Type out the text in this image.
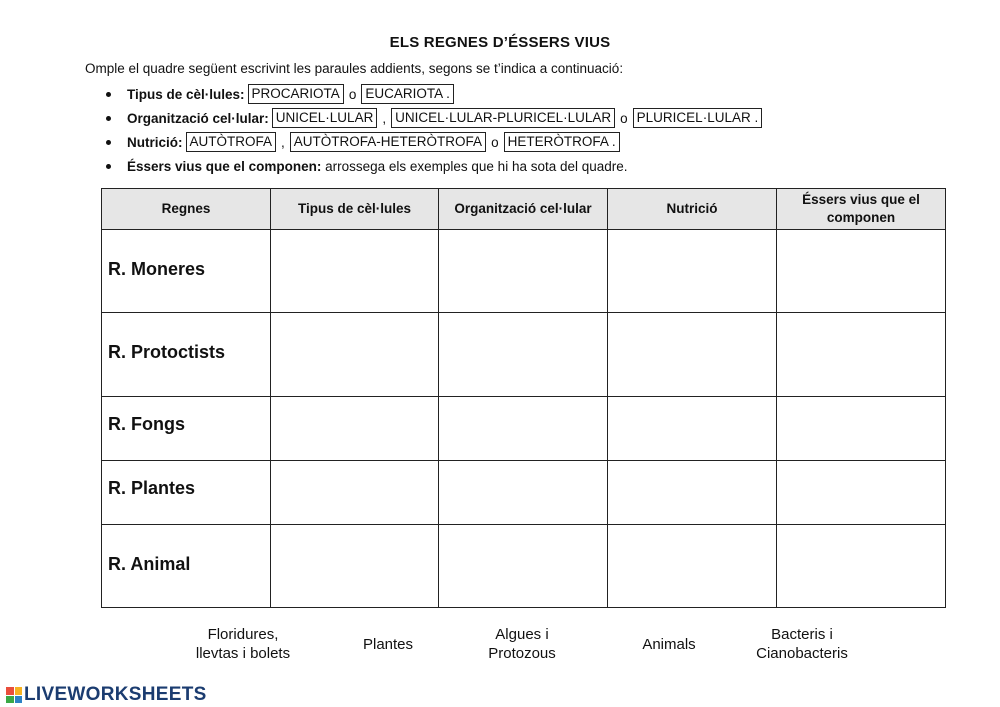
ELS REGNES D’ÉSSERS VIUS
Omple el quadre següent escrivint les paraules addients, segons se t’indica a continuació:
Tipus de cèl·lules : PROCARIOTA o EUCARIOTA .
Organització cel·lular : UNICEL·LULAR , UNICEL·LULAR-PLURICEL·LULAR o PLURICEL·LULAR .
Nutrició : AUTÒTROFA , AUTÒTROFA-HETERÒTROFA o HETERÒTROFA .
Éssers vius que el componen:
arrossega els exemples que hi ha sota del quadre.
Regnes	Tipus de cèl·lules	Organització cel·lular	Nutrició	Éssers vius que el componen

R. Moneres				

R. Protoctists				

R. Fongs				

R. Plantes				

R. Animal				

Floridures,
llevtas i bolets
Plantes
Algues i
Protozous
Animals
Bacteris i
Cianobacteris
LIVEWORKSHEETS
